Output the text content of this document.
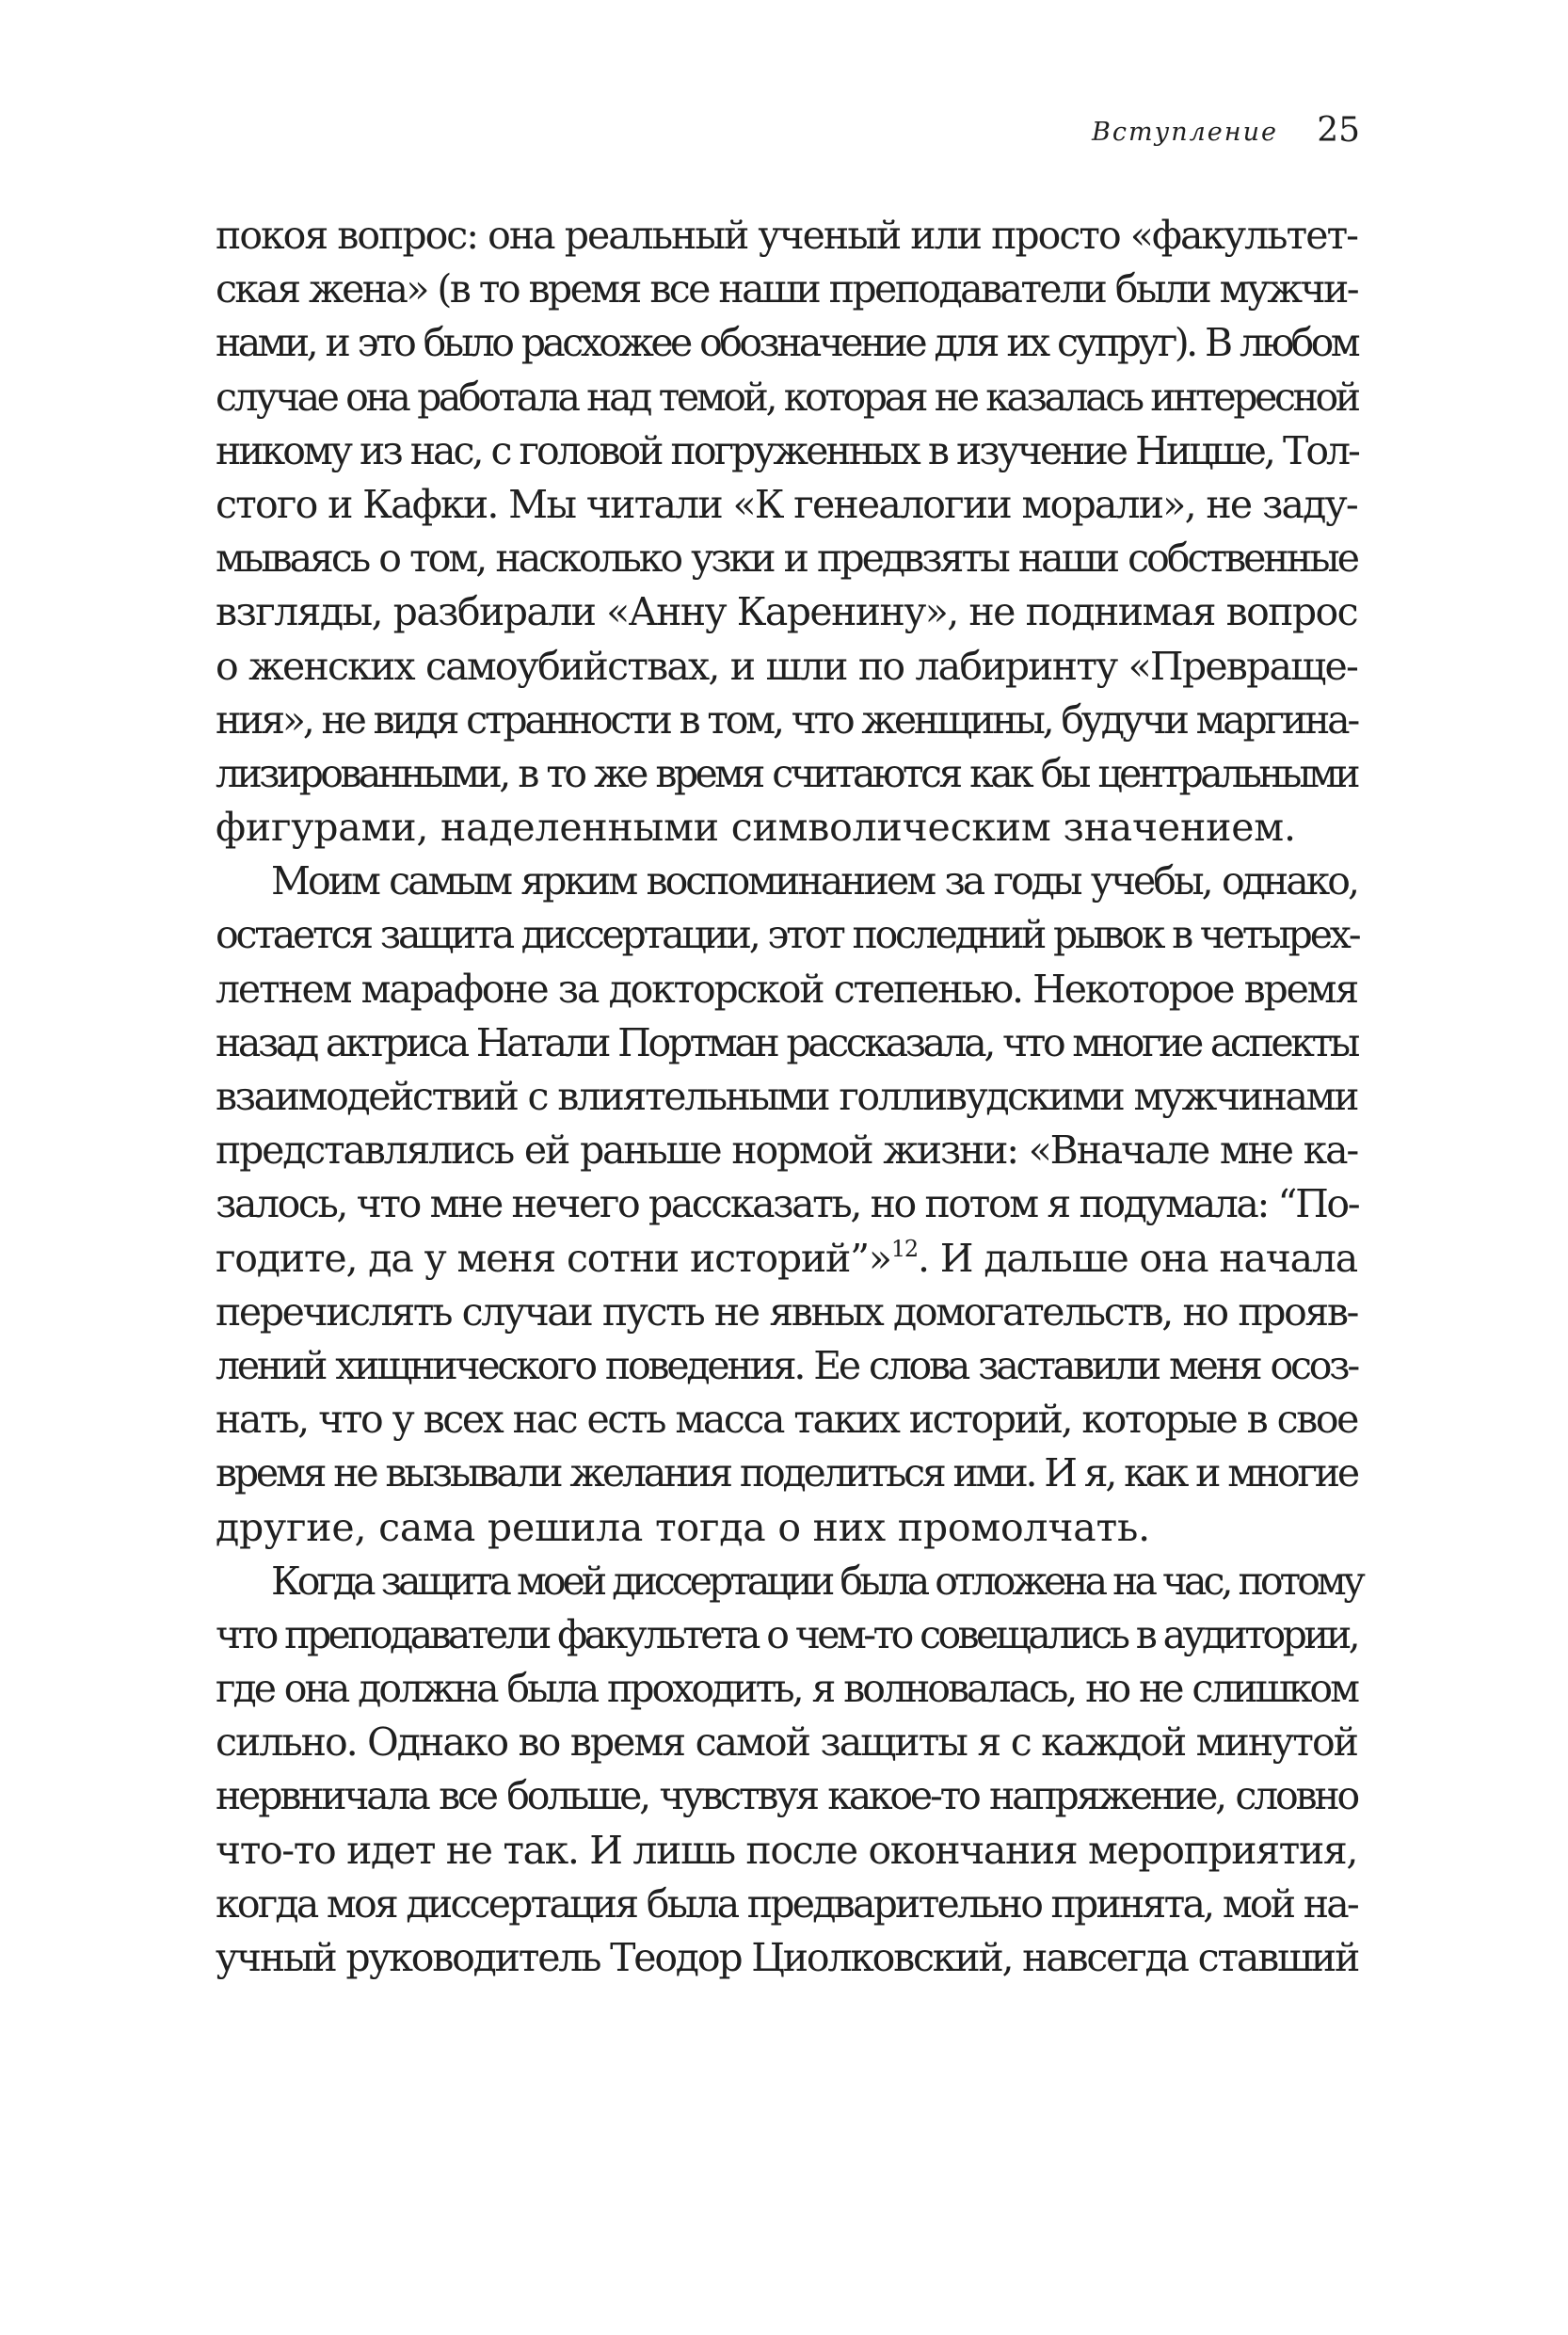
Вступление 25
покоя вопрос: она реальный ученый или просто «факультет-
ская жена» (в то время все наши преподаватели были мужчи-
нами, и это было расхожее обозначение для их супруг). В любом
случае она работала над темой, которая не казалась интересной
никому из нас, с головой погруженных в изучение Ницше, Тол-
стого и Кафки. Мы читали «К генеалогии морали», не заду-
мываясь о том, насколько узки и предвзяты наши собственные
взгляды, разбирали «Анну Каренину», не поднимая вопрос
о женских самоубийствах, и шли по лабиринту «Превраще-
ния», не видя странности в том, что женщины, будучи маргина-
лизированными, в то же время считаются как бы центральными
фигурами, наделенными символическим значением.
Моим самым ярким воспоминанием за годы учебы, однако,
остается защита диссертации, этот последний рывок в четырех-
летнем марафоне за докторской степенью. Некоторое время
назад актриса Натали Портман рассказала, что многие аспекты
взаимодействий с влиятельными голливудскими мужчинами
представлялись ей раньше нормой жизни: «Вначале мне ка-
залось, что мне нечего рассказать, но потом я подумала: “По-
годите, да у меня сотни историй”»$^{12}$. И дальше она начала
перечислять случаи пусть не явных домогательств, но прояв-
лений хищнического поведения. Ее слова заставили меня осоз-
нать, что у всех нас есть масса таких историй, которые в свое
время не вызывали желания поделиться ими. И я, как и многие
другие, сама решила тогда о них промолчать.
Когда защита моей диссертации была отложена на час, потому
что преподаватели факультета о чем-то совещались в аудитории,
где она должна была проходить, я волновалась, но не слишком
сильно. Однако во время самой защиты я с каждой минутой
нервничала все больше, чувствуя какое-то напряжение, словно
что-то идет не так. И лишь после окончания мероприятия,
когда моя диссертация была предварительно принята, мой на-
учный руководитель Теодор Циолковский, навсегда ставший
